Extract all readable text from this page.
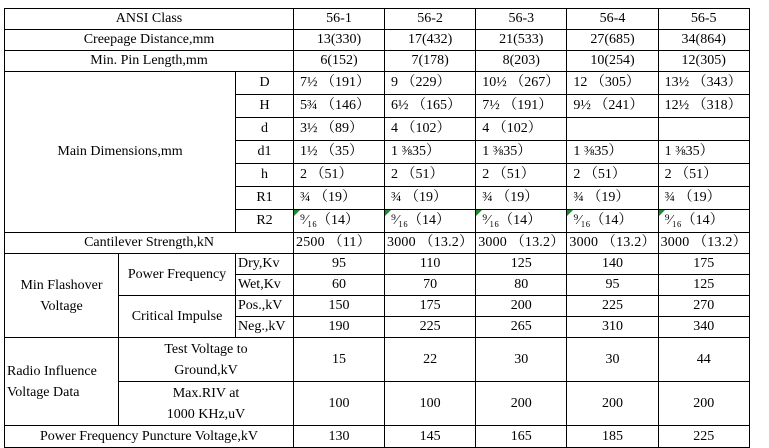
ANSI Class			56-1	56-2	56-3	56-4	56-5
Creepage Distance,mm			13(330)	17(432)	21(533)	27(685)	34(864)
Min. Pin Length,mm			6(152)	7(178)	8(203)	10(254)	12(305)
Main Dimensions,mm		D	7½ （191）	9 （229）	10½ （267）	12 （305）	13½ （343）
		H	5¾ （146）	6½ （165）	7½ （191）	9½ （241）	12½ （318）
		d	3½ （89）	4 （102）	4 （102）		
		d1	1½ （35）	1 ⅜35）	1 ⅜35）	1 ⅜35）	1 ⅜35）
		h	2 （51）	2 （51）	2 （51）	2 （51）	2 （51）
		R1	¾ （19）	¾ （19）	¾ （19）	¾ （19）	¾ （19）
		R2	⁹⁄₁₆（14）	⁹⁄₁₆（14）	⁹⁄₁₆（14）	⁹⁄₁₆（14）	⁹⁄₁₆（14）
Cantilever Strength,kN			2500 （11）	3000 （13.2）	3000 （13.2）	3000 （13.2）	3000 （13.2）
Min Flashover
Voltage	Power Frequency	Dry,Kv	95	110	125	140	175
		Wet,Kv	60	70	80	95	125
	Critical Impulse	Pos.,kV	150	175	200	225	270
		Neg.,kV	190	225	265	310	340
Radio Influence
Voltage Data	Test Voltage to
Ground,kV		15	22	30	30	44
	Max.RIV at
1000 KHz,uV		100	100	200	200	200
Power Frequency Puncture Voltage,kV			130	145	165	185	225
